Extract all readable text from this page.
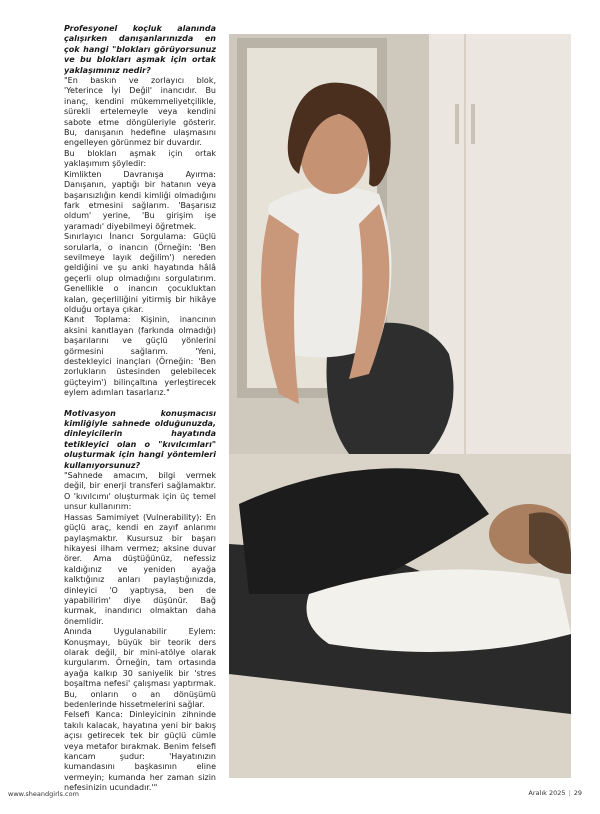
Profesyonel koçluk alanında çalışırken danışanlarınızda en çok hangi "blokları görüyorsunuz ve bu blokları aşmak için ortak yaklaşımınız nedir?

"En baskın ve zorlayıcı blok, 'Yeterince İyi Değil' inancıdır. Bu inanç, kendini mükemmeliyetçilikle, sürekli ertelemeyle veya kendini sabote etme döngüleriyle gösterir. Bu, danışanın hedefine ulaşmasını engelleyen görünmez bir duvardır.

Bu blokları aşmak için ortak yaklaşımım şöyledir:

Kimlikten Davranışa Ayırma: Danışanın, yaptığı bir hatanın veya başarısızlığın kendi kimliği olmadığını fark etmesini sağlarım. 'Başarısız oldum' yerine, 'Bu girişim işe yaramadı' diyebilmeyi öğretmek.

Sınırlayıcı İnancı Sorgulama: Güçlü sorularla, o inancın (Örneğin: 'Ben sevilmeye layık değilim') nereden geldiğini ve şu anki hayatında hâlâ geçerli olup olmadığını sorgulatırım. Genellikle o inancın çocukluktan kalan, geçerliliğini yitirmiş bir hikâye olduğu ortaya çıkar.

Kanıt Toplama: Kişinin, inancının aksini kanıtlayan (farkında olmadığı) başarılarını ve güçlü yönlerini görmesini sağlarım. 'Yeni, destekleyici inançları (Örneğin: 'Ben zorlukların üstesinden gelebilecek güçteyim') bilinçaltına yerleştirecek eylem adımları tasarlarız."

Motivasyon konuşmacısı kimliğiyle sahnede olduğunuzda, dinleyicilerin hayatında tetikleyici olan o "kıvılcımları" oluşturmak için hangi yöntemleri kullanıyorsunuz?

"Sahnede amacım, bilgi vermek değil, bir enerji transferi sağlamaktır. O 'kıvılcımı' oluşturmak için üç temel unsur kullanırım:

Hassas Samimiyet (Vulnerability): En güçlü araç, kendi en zayıf anlarımı paylaşmaktır. Kusursuz bir başarı hikayesi ilham vermez; aksine duvar örer. Ama düştüğünüz, nefessiz kaldığınız ve yeniden ayağa kalktığınız anları paylaştığınızda, dinleyici 'O yaptıysa, ben de yapabilirim' diye düşünür. Bağ kurmak, inandırıcı olmaktan daha önemlidir.

Anında Uygulanabilir Eylem: Konuşmayı, büyük bir teorik ders olarak değil, bir mini-atölye olarak kurgularım. Örneğin, tam ortasında ayağa kalkıp 30 saniyelik bir 'stres boşaltma nefesi' çalışması yaptırmak. Bu, onların o an dönüşümü bedenlerinde hissetmelerini sağlar.

Felsefi Kanca: Dinleyicinin zihninde takılı kalacak, hayatına yeni bir bakış açısı getirecek tek bir güçlü cümle veya metafor bırakmak. Benim felsefi kancam şudur: 'Hayatınızın kumandasını başkasının eline vermeyin; kumanda her zaman sizin nefesinizin ucundadır.'"

www.sheandgirls.com	Aralık 2025 | 29
